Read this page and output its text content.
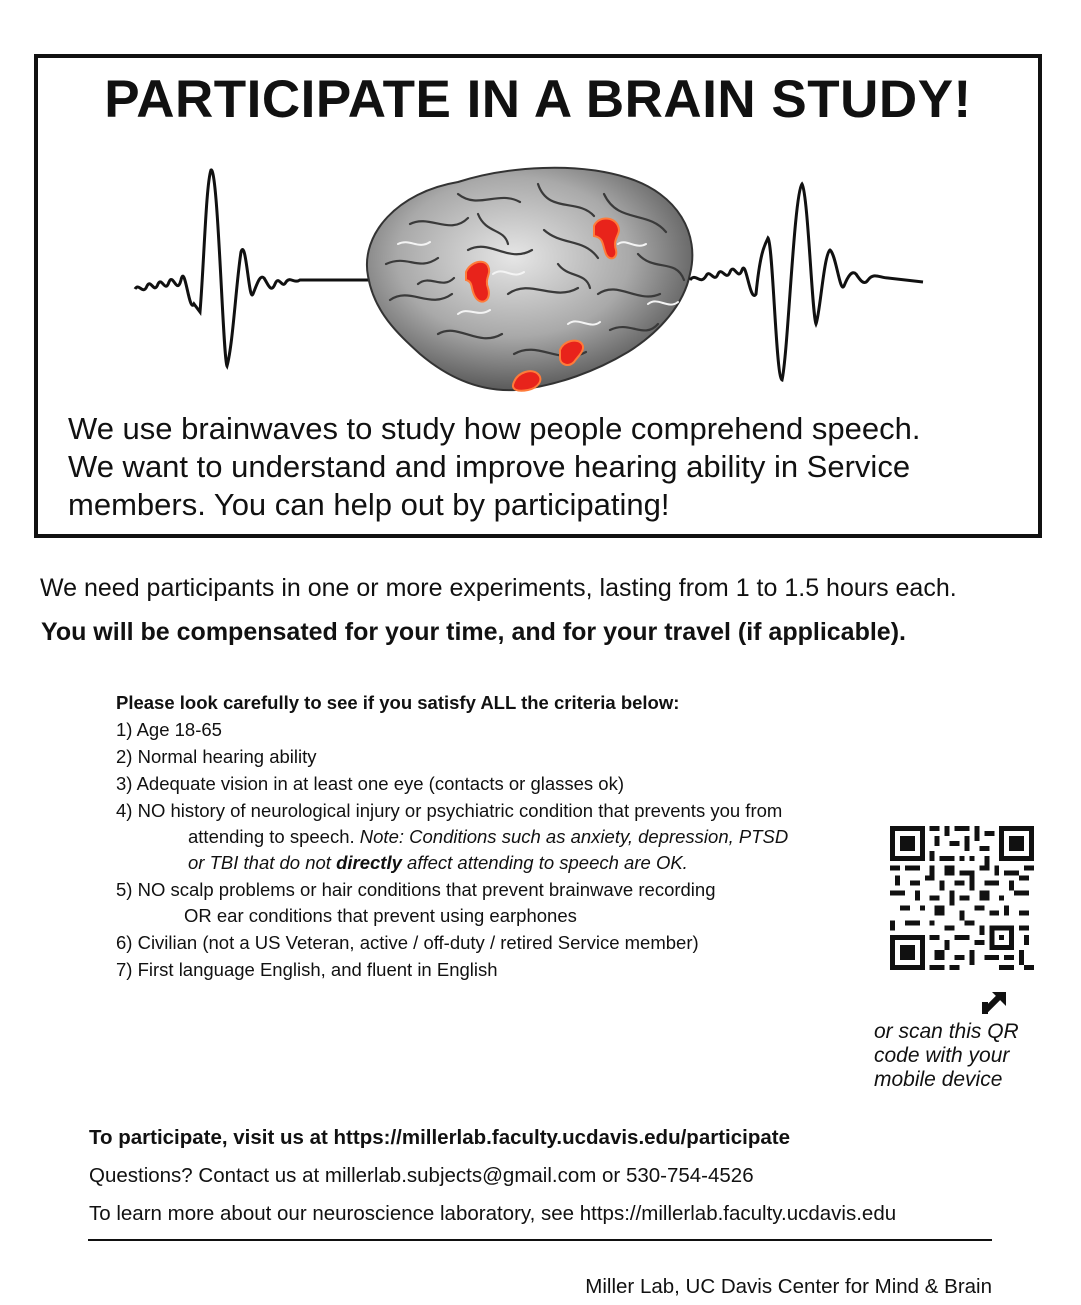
PARTICIPATE IN A BRAIN STUDY!

We use brainwaves to study how people comprehend speech.
We want to understand and improve hearing ability in Service
members. You can help out by participating!

We need participants in one or more experiments, lasting from 1 to 1.5 hours each.

You will be compensated for your time, and for your travel (if applicable).

Please look carefully to see if you satisfy ALL the criteria below:

1) Age 18-65
2) Normal hearing ability
3) Adequate vision in at least one eye (contacts or glasses ok)
4) NO history of neurological injury or psychiatric condition that prevents you from
attending to speech. Note: Conditions such as anxiety, depression, PTSD
or TBI that do not directly affect attending to speech are OK.
5) NO scalp problems or hair conditions that prevent brainwave recording
OR ear conditions that prevent using earphones
6) Civilian (not a US Veteran, active / off-duty / retired Service member)
7) First language English, and fluent in English

or scan this QR
code with your
mobile device

To participate, visit us at https://millerlab.faculty.ucdavis.edu/participate

Questions? Contact us at millerlab.subjects@gmail.com or 530-754-4526

To learn more about our neuroscience laboratory, see https://millerlab.faculty.ucdavis.edu

Miller Lab, UC Davis Center for Mind & Brain
